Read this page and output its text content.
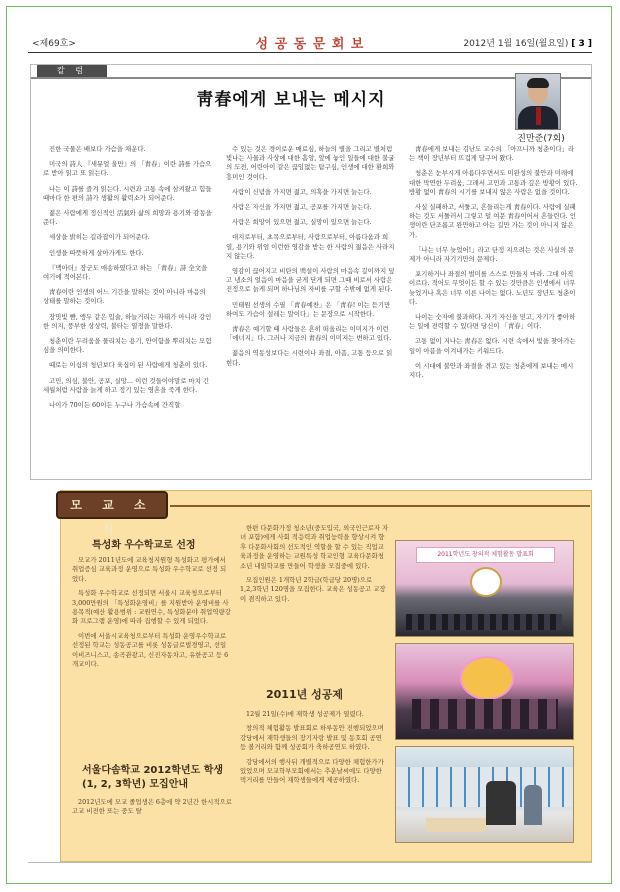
<제69호>	성 공 동 문 회 보	2012년 1월 16일(월요일) [ 3 ]
칼 럼
靑春에게 보내는 메시지
진만준(7회)

진한 국물은 배보다 가슴을 채운다.

미국의 詩人 『새뮤얼 울만』의 「靑春」이란 詩를 가슴으로 받아 읽고 또 읽는다.

나는 이 詩를 즐겨 읽는다. 시련과 고통 속에 삼켜왔고 힘들 때마다 한 편의 詩가 생활의 활력소가 되어준다.

젊은 사람에게 정신적인 活氣와 삶의 희망과 용기와 감동을 준다.

세상을 밝히는 길라잡이가 되어준다.

인생을 따뜻하게 살아가게도 한다.

『맥아더』장군도 애송하였다고 하는 「靑春」詩 全文을 여기에 적어본다.

靑春이란 인생의 어느 기간을 말하는 것이 아니라 마음의 상태를 말하는 것이다.

장밋빛 뺨, 앵두 같은 입술, 하늘거리는 자태가 아니라 강인한 의지, 풍부한 상상력, 불타는 열정을 말한다.

청춘이란 두려움을 물리치는 용기, 안이함을 뿌리치는 모험심을 의미한다.

때로는 이십의 청년보다 육십이 된 사람에게 청춘이 있다.

고민, 의심, 불안, 공포, 실망... 이런 것들이야말로 마치 긴 세월처럼 사람을 늙게 하고 정기 있는 영혼을 죽게 한다.

나이가 70이든 60이든 누구나 가슴속에 간직할

수 있는 것은 경이로운 매료심, 하늘의 별을 그리고 별처럼 빛나는 사물과 사상에 대한 흠앙, 앞에 놓인 일들에 대한 불굴의 도전, 어린아이 같은 끊임없는 탐구심, 인생에 대한 환희와 흥미인 것이다.

사람이 신념을 가지면 젊고, 의혹을 가지면 늙는다.

사람은 자신을 가지면 젊고, 공포를 가지면 늙는다.

사람은 희망이 있으면 젊고, 실망이 있으면 늙는다.

대지로부터, 초목으로부터, 사람으로부터, 아름다움과 희열, 용기와 위엄 이런한 영감을 받는 한 사람의 젊음은 사라지지 않는다.

영감이 끊어지고 비탄의 백설이 사람의 마음속 깊이까지 덮고 냉소의 얼음이 마음을 굳게 닫게 되면 그때 비로서 사람은 진정으로 늙게 되며 하나님의 자비를 구할 수밖에 없게 된다.

민태원 선생의 수필 「靑春예찬」은 「靑春! 이는 듣기만하여도 가슴이 설레는 말이다」는 문장으로 시작한다.

靑春은 예기할 때 사람들은 흔히 떠올리는 이미지가 이런 「에너지」다. 그러나 지금의 靑春의 이미지는 변하고 있다.

젊음의 역동성보다는 시련이나 좌절, 아픔, 고통 등으로 읽힌다.

靑春에게 보내는 김난도 교수의 「아프니까 청춘이다」라는 책이 장년부터 뜨겁게 달구어 왔다.

청춘은 눈부시게 아름다우면서도 미완성의 불안과 미래에 대한 막연한 두려움, 그래서 고민과 고통과 깊은 방황이 있다. 방황 없이 靑春의 시기를 보내지 않은 사람은 없을 것이다.

사실 실패하고, 서툴고, 흔들리는게 靑春이다. 사람에 실패하는 것도 서툴러서 그렇고 덜 여문 靑春이어서 흔들린다. 인생이란 단조롭고 완만하고 아는 길만 가는 것이 아니지 않은가.

「나는 너무 늦었어!」라고 단정 지으려는 것은 사실의 문제가 아니라 자기기만의 문제다.

포기하거나 좌절의 벌미를 스스로 만들지 마라. 그대 아직 이르다. 적어도 무엇이든 할 수 있는 것만큼은 인생에서 너무 늦었거나 혹은 너무 이른 나이는 없다. 노년도 장년도 청춘이다.

나이는 숫자에 불과하다. 자기 자신을 믿고, 자기가 좋아하는 일에 전력할 수 있다면 당신이 「靑春」이다.

고통 없이 지나는 靑春은 없다. 시련 속에서 빛을 찾아가는 일이 아픔을 이겨내가는 키워드다.

이 시대에 불안과 좌절을 겪고 있는 청춘에게 보내는 메시지다.

모 교 소 식
특성화 우수학교로 선정

모교가 2011년도에 교육청지원형 특성화고 평가에서 취업증심 교육과정 운영으로 특성화 우수학교로 선정 되었다.

특성화 우수학교로 선정되면 서울시 교육청으로부터 3,000만원의 「특성화운영비」를 지원받아 운영비를 사용목적(예산 활용범위 : 교원연수, 특성화분야 취업역량강화 프로그램 운영)에 따라 집행할 수 있게 되었다.

이번에 서울시교육청으로부터 특성화 운영우수학교로 선정된 학교는 성동공고를 비롯 성동글로벌경영고, 선일이비즈니스고, 송곡관광고, 신진자동차고, 유한공고 등 6개교이다.

서울다솜학교 2012학년도 학생(1, 2, 3학년) 모집안내

2012년도에 모교 졸업생은 6층에 약 2년간 한시적으로 고교 비전한 또는 중도 탈

한편 다문화가정 청소년(중도입국, 외국인근로자 자녀 포함)에게 사회 적응력과 취업능력을 향상시켜 향후 다문화사회의 선도적인 역할을 할 수 있는 직업교육과정을 운영하는 교원특성 학교인형 교육다문화청소년 내일학교를 만들어 학생을 모집중에 있다.

모집인원은 1개학년 2학급(학급당 20명)으로 1,2,3학년 120명을 모집한다. 교육은 성동공고 교장이 겸직하고 있다.

2011년 성공제

12월 21일(수)에 재학생 성공제가 열렸다.

창의적 체험활동 발표회로 하루동안 진행되었으며 강당에서 재학생들의 장기자랑 발표 및 동호회 공연 등 볼거리와 함께 성공회가 축하공연도 하였다.

강당에서의 행사뒤 개별적으로 다양한 체험한가가 있었으며 모교학부모회에서는 추운날씨에도 다양한 먹거리를 만들어 재학생들에게 제공하였다.

2011학년도 창의적 체험활동 발표회
